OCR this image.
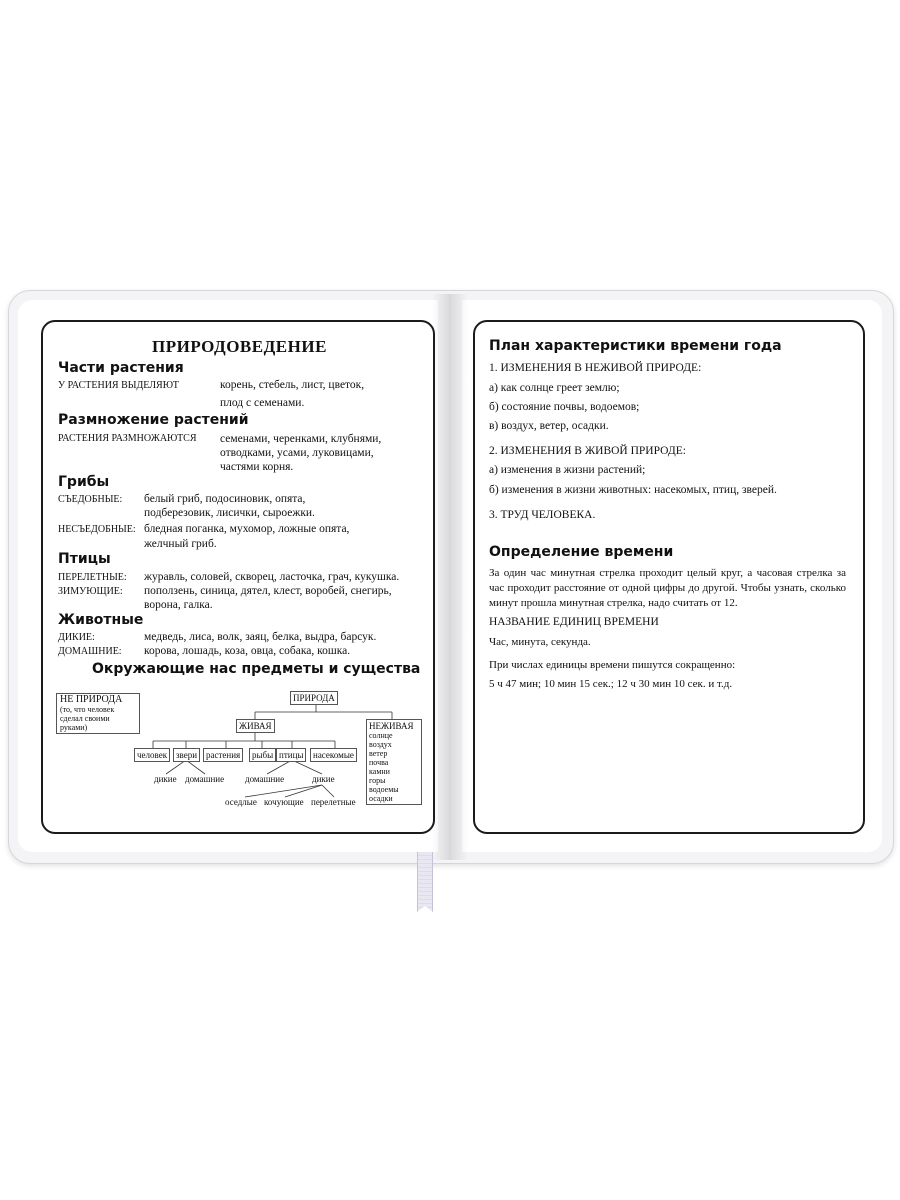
ПРИРОДОВЕДЕНИЕ
Части растения
У РАСТЕНИЯ ВЫДЕЛЯЮТ	корень, стебель, лист, цветок,
плод с семенами.
Размножение растений
РАСТЕНИЯ РАЗМНОЖАЮТСЯ семенами, черенками, клубнями,
отводками, усами, луковицами,
частями корня.
Грибы
СЪЕДОБНЫЕ: белый гриб, подосиновик, опята,
подберезовик, лисички, сыроежки.
НЕСЪЕДОБНЫЕ: бледная поганка, мухомор, ложные опята,
желчный гриб.
Птицы
ПЕРЕЛЕТНЫЕ: журавль, соловей, скворец, ласточка, грач, кукушка.
ЗИМУЮЩИЕ: поползень, синица, дятел, клест, воробей, снегирь,
ворона, галка.
Животные
ДИКИЕ:	медведь, лиса, волк, заяц, белка, выдра, барсук.
ДОМАШНИЕ: корова, лошадь, коза, овца, собака, кошка.
Окружающие нас предметы и существа
НЕ ПРИРОДА
(то, что человек сделал своими руками)
ПРИРОДА
ЖИВАЯ	НЕЖИВАЯ
солнце
воздух
ветер
почва
камни
горы
водоемы
осадки
человек звери растения	рыбы птицы	насекомые
дикие домашние домашние	дикие
оседлые кочующие перелетные
План характеристики времени года
1. ИЗМЕНЕНИЯ В НЕЖИВОЙ ПРИРОДЕ:
а) как солнце греет землю;
б) состояние почвы, водоемов;
в) воздух, ветер, осадки.
2. ИЗМЕНЕНИЯ В ЖИВОЙ ПРИРОДЕ:
а) изменения в жизни растений;
б) изменения в жизни животных: насекомых, птиц, зверей.
3. ТРУД ЧЕЛОВЕКА.
Определение времени
За один час минутная стрелка проходит целый круг, а часовая стрелка за час проходит расстояние от одной цифры до другой. Чтобы узнать, сколько минут прошла минутная стрелка, надо считать от 12.
НАЗВАНИЕ ЕДИНИЦ ВРЕМЕНИ
Час, минута, секунда.
При числах единицы времени пишутся сокращенно:
5 ч 47 мин; 10 мин 15 сек.; 12 ч 30 мин 10 сек. и т.д.
